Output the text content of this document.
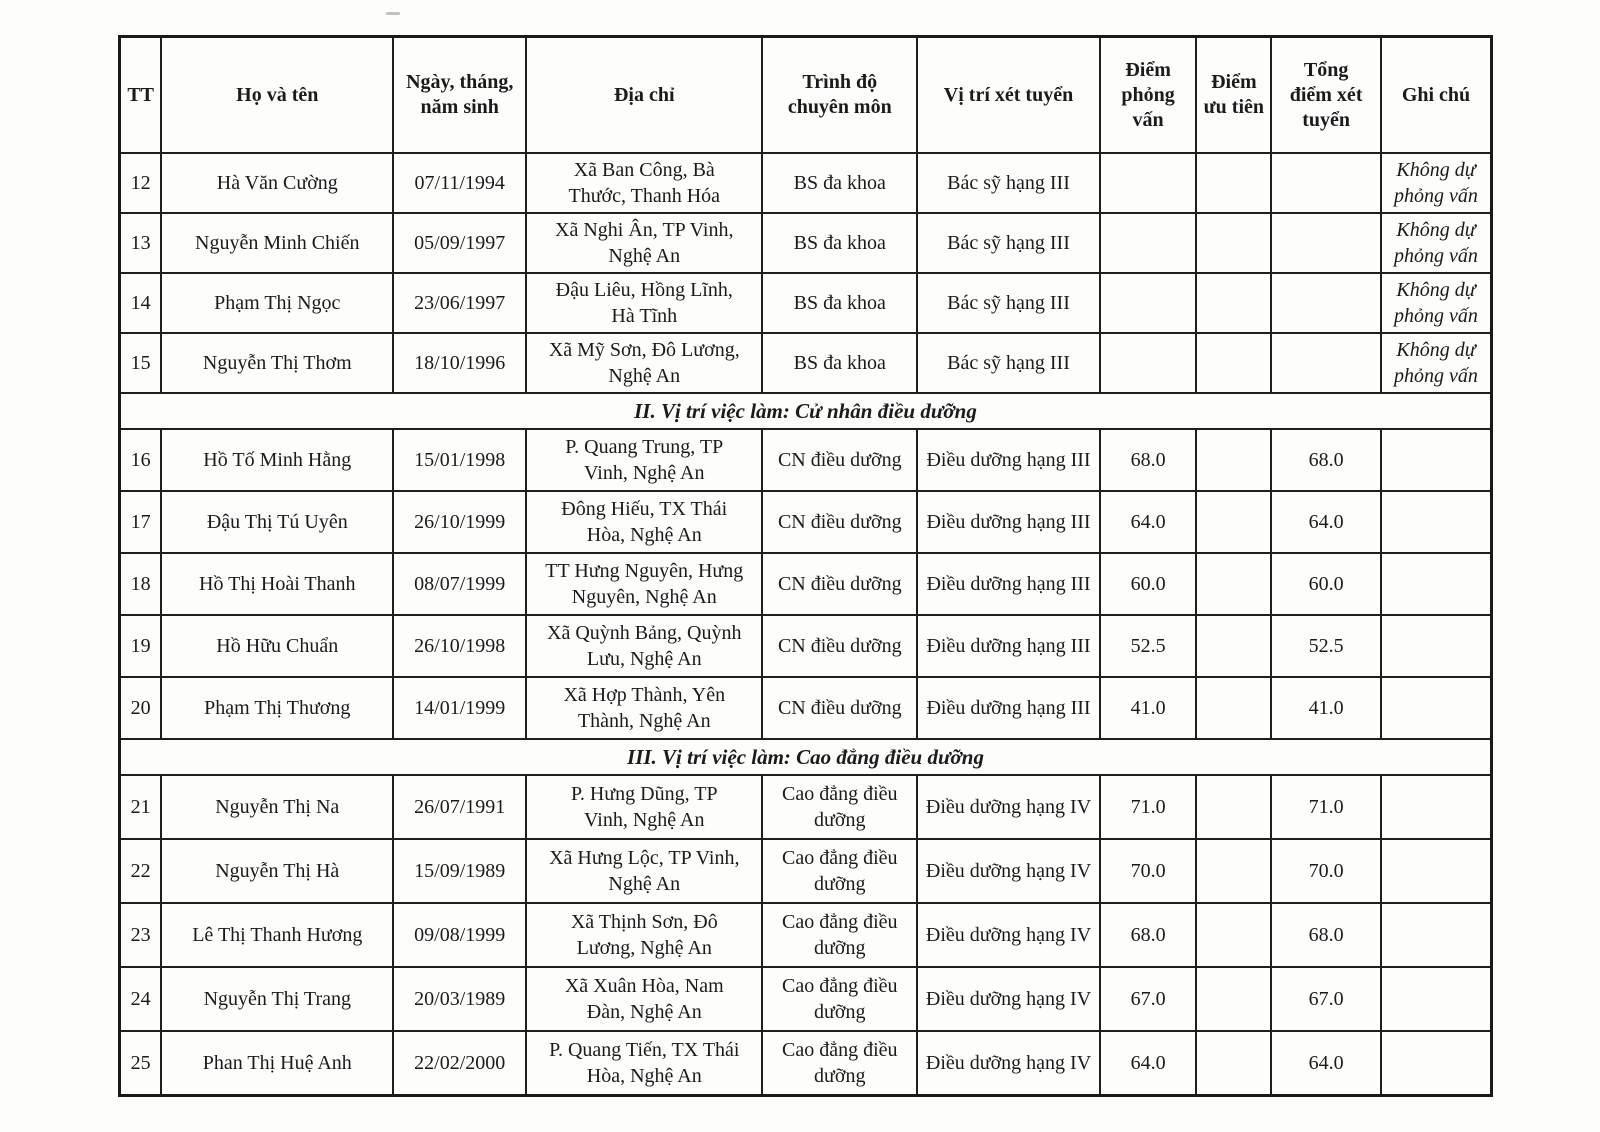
TT	Họ và tên	Ngày, tháng,
năm sinh	Địa chỉ	Trình độ
chuyên môn	Vị trí xét tuyển	Điểm
phỏng
vấn	Điểm
ưu tiên	Tổng
điểm xét
tuyển	Ghi chú
12	Hà Văn Cường	07/11/1994	Xã Ban Công, Bà
Thước, Thanh Hóa	BS đa khoa	Bác sỹ hạng III				Không dự
phỏng vấn
13	Nguyễn Minh Chiến	05/09/1997	Xã Nghi Ân, TP Vinh,
Nghệ An	BS đa khoa	Bác sỹ hạng III				Không dự
phỏng vấn
14	Phạm Thị Ngọc	23/06/1997	Đậu Liêu, Hồng Lĩnh,
Hà Tĩnh	BS đa khoa	Bác sỹ hạng III				Không dự
phỏng vấn
15	Nguyễn Thị Thơm	18/10/1996	Xã Mỹ Sơn, Đô Lương,
Nghệ An	BS đa khoa	Bác sỹ hạng III				Không dự
phỏng vấn
II. Vị trí việc làm: Cử nhân điều dưỡng									
16	Hồ Tố Minh Hằng	15/01/1998	P. Quang Trung, TP
Vinh, Nghệ An	CN điều dưỡng	Điều dưỡng hạng III	68.0		68.0	
17	Đậu Thị Tú Uyên	26/10/1999	Đông Hiếu, TX Thái
Hòa, Nghệ An	CN điều dưỡng	Điều dưỡng hạng III	64.0		64.0	
18	Hồ Thị Hoài Thanh	08/07/1999	TT Hưng Nguyên, Hưng
Nguyên, Nghệ An	CN điều dưỡng	Điều dưỡng hạng III	60.0		60.0	
19	Hồ Hữu Chuẩn	26/10/1998	Xã Quỳnh Bảng, Quỳnh
Lưu, Nghệ An	CN điều dưỡng	Điều dưỡng hạng III	52.5		52.5	
20	Phạm Thị Thương	14/01/1999	Xã Hợp Thành, Yên
Thành, Nghệ An	CN điều dưỡng	Điều dưỡng hạng III	41.0		41.0	
III. Vị trí việc làm: Cao đẳng điều dưỡng									
21	Nguyễn Thị Na	26/07/1991	P. Hưng Dũng, TP
Vinh, Nghệ An	Cao đẳng điều
dưỡng	Điều dưỡng hạng IV	71.0		71.0	
22	Nguyễn Thị Hà	15/09/1989	Xã Hưng Lộc, TP Vinh,
Nghệ An	Cao đẳng điều
dưỡng	Điều dưỡng hạng IV	70.0		70.0	
23	Lê Thị Thanh Hương	09/08/1999	Xã Thịnh Sơn, Đô
Lương, Nghệ An	Cao đẳng điều
dưỡng	Điều dưỡng hạng IV	68.0		68.0	
24	Nguyễn Thị Trang	20/03/1989	Xã Xuân Hòa, Nam
Đàn, Nghệ An	Cao đẳng điều
dưỡng	Điều dưỡng hạng IV	67.0		67.0	
25	Phan Thị Huệ Anh	22/02/2000	P. Quang Tiến, TX Thái
Hòa, Nghệ An	Cao đẳng điều
dưỡng	Điều dưỡng hạng IV	64.0		64.0	
